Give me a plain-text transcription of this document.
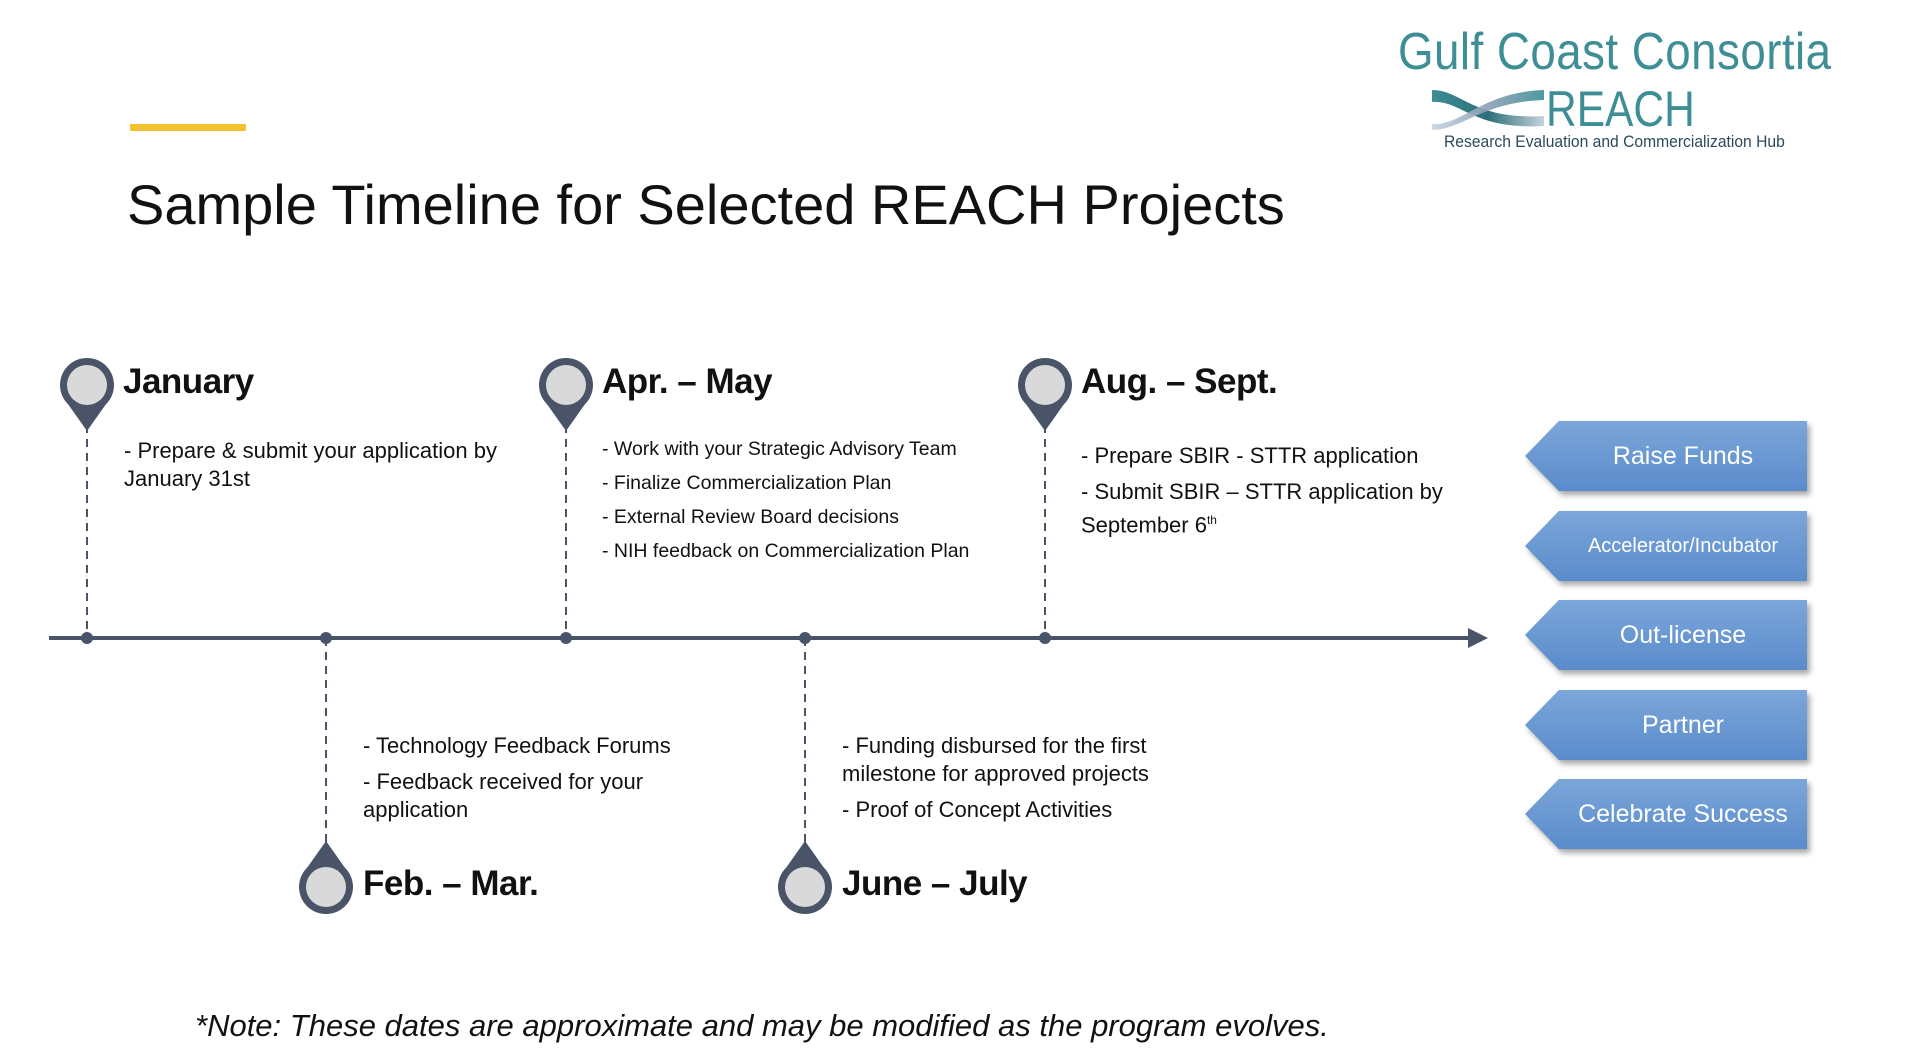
Sample Timeline for Selected REACH Projects
Gulf Coast Consortia
REACH
Research Evaluation and Commercialization Hub
January
Feb. – Mar.
Apr. – May
June – July
Aug. – Sept.
- Prepare & submit your application by January 31st
- Technology Feedback Forums
- Feedback received for your application
- Work with your Strategic Advisory Team
- Finalize Commercialization Plan
- External Review Board decisions
- NIH feedback on Commercialization Plan
- Funding disbursed for the first milestone for approved projects
- Proof of Concept Activities
- Prepare SBIR - STTR application
- Submit SBIR – STTR application by September 6th
Raise Funds
Accelerator/Incubator
Out-license
Partner
Celebrate Success
*Note: These dates are approximate and may be modified as the program evolves.
